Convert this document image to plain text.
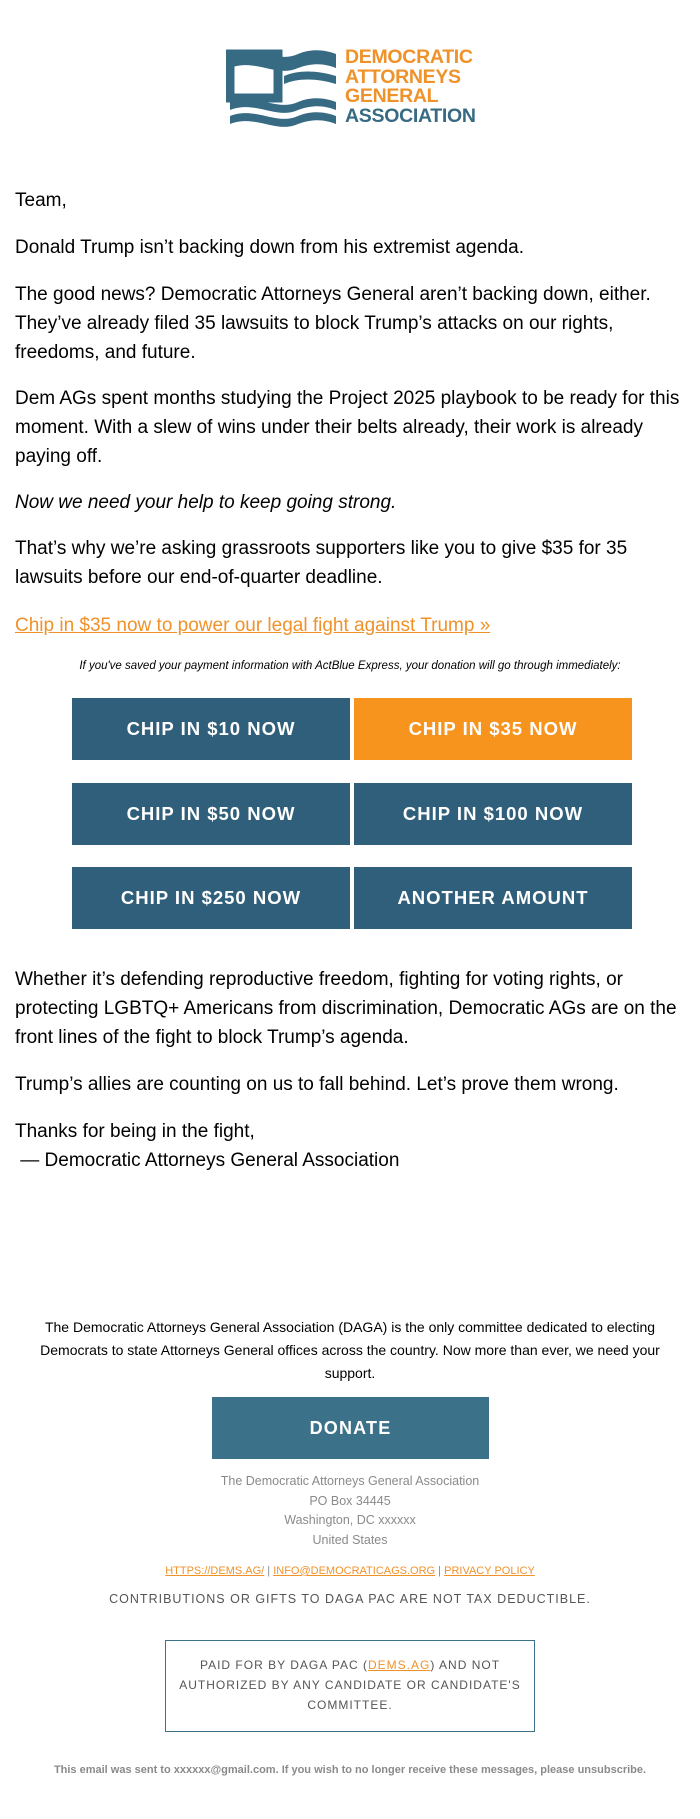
DEMOCRATIC
ATTORNEYS
GENERAL
ASSOCIATION

Team,

Donald Trump isn’t backing down from his extremist agenda.

The good news? Democratic Attorneys General aren’t backing down, either. They’ve already filed 35 lawsuits to block Trump’s attacks on our rights, freedoms, and future.

Dem AGs spent months studying the Project 2025 playbook to be ready for this moment. With a slew of wins under their belts already, their work is already paying off.

Now we need your help to keep going strong.

That’s why we’re asking grassroots supporters like you to give $35 for 35 lawsuits before our end-of-quarter deadline.

Chip in $35 now to power our legal fight against Trump »

If you've saved your payment information with ActBlue Express, your donation will go through immediately:
CHIP IN $10 NOW	CHIP IN $35 NOW
CHIP IN $50 NOW	CHIP IN $100 NOW
CHIP IN $250 NOW	ANOTHER AMOUNT

Whether it’s defending reproductive freedom, fighting for voting rights, or protecting LGBTQ+ Americans from discrimination, Democratic AGs are on the front lines of the fight to block Trump’s agenda.

Trump’s allies are counting on us to fall behind. Let’s prove them wrong.

Thanks for being in the fight,

— Democratic Attorneys General Association

The Democratic Attorneys General Association (DAGA) is the only committee dedicated to electing Democrats to state Attorneys General offices across the country. Now more than ever, we need your support.
DONATE
The Democratic Attorneys General Association
PO Box 34445
Washington, DC xxxxxx
United States
HTTPS://DEMS.AG/ | INFO@DEMOCRATICAGS.ORG | PRIVACY POLICY
CONTRIBUTIONS OR GIFTS TO DAGA PAC ARE NOT TAX DEDUCTIBLE.
PAID FOR BY DAGA PAC (DEMS.AG) AND NOT AUTHORIZED BY ANY CANDIDATE OR CANDIDATE'S COMMITTEE.
This email was sent to xxxxxx@gmail.com. If you wish to no longer receive these messages, please unsubscribe.
